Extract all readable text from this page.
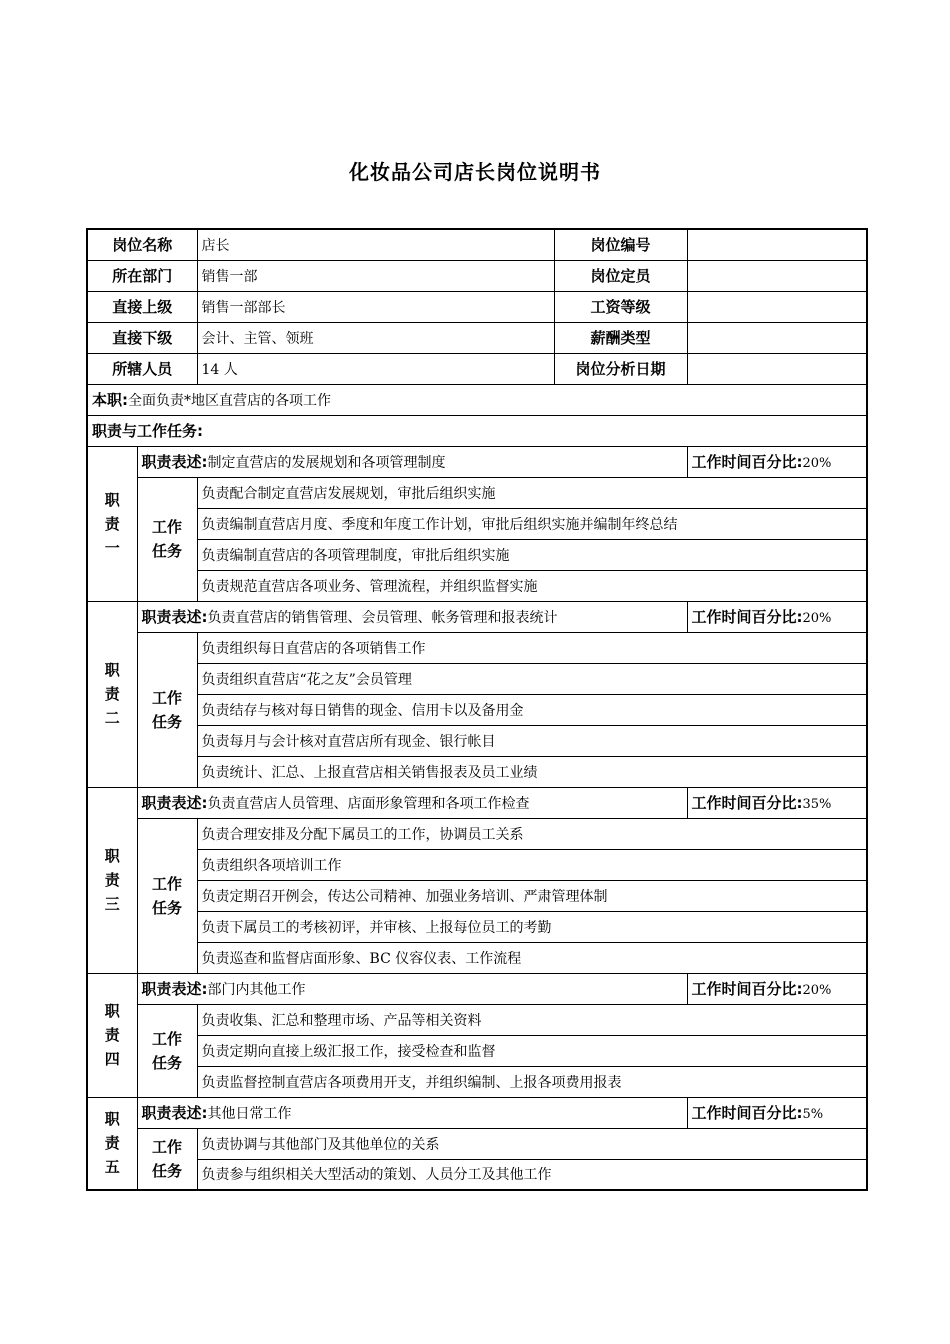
化妆品公司店长岗位说明书
岗位名称		店长	岗位编号	
所在部门		销售一部	岗位定员	
直接上级		销售一部部长	工资等级	
直接下级		会计、主管、领班	薪酬类型	
所辖人员		14 人	岗位分析日期	
本职:全面负责*地区直营店的各项工作				
职责与工作任务:				

职
责
一	职责表述:制定直营店的发展规划和各项管理制度			工作时间百分比:20%

	工作
任务	负责配合制定直营店发展规划，审批后组织实施		
		负责编制直营店月度、季度和年度工作计划，审批后组织实施并编制年终总结		
		负责编制直营店的各项管理制度，审批后组织实施		
		负责规范直营店各项业务、管理流程，并组织监督实施		

职
责
二	职责表述:负责直营店的销售管理、会员管理、帐务管理和报表统计			工作时间百分比:20%

	工作
任务	负责组织每日直营店的各项销售工作		
		负责组织直营店“花之友”会员管理		
		负责结存与核对每日销售的现金、信用卡以及备用金		
		负责每月与会计核对直营店所有现金、银行帐目		
		负责统计、汇总、上报直营店相关销售报表及员工业绩		

职
责
三	职责表述:负责直营店人员管理、店面形象管理和各项工作检查			工作时间百分比:35%

	工作
任务	负责合理安排及分配下属员工的工作，协调员工关系		
		负责组织各项培训工作		
		负责定期召开例会，传达公司精神、加强业务培训、严肃管理体制		
		负责下属员工的考核初评，并审核、上报每位员工的考勤		
		负责巡查和监督店面形象、BC 仪容仪表、工作流程		

职
责
四	职责表述:部门内其他工作			工作时间百分比:20%

	工作
任务	负责收集、汇总和整理市场、产品等相关资料		
		负责定期向直接上级汇报工作，接受检查和监督		
		负责监督控制直营店各项费用开支，并组织编制、上报各项费用报表		

职
责
五	职责表述:其他日常工作			工作时间百分比:5%

	工作
任务	负责协调与其他部门及其他单位的关系		
		负责参与组织相关大型活动的策划、人员分工及其他工作		
